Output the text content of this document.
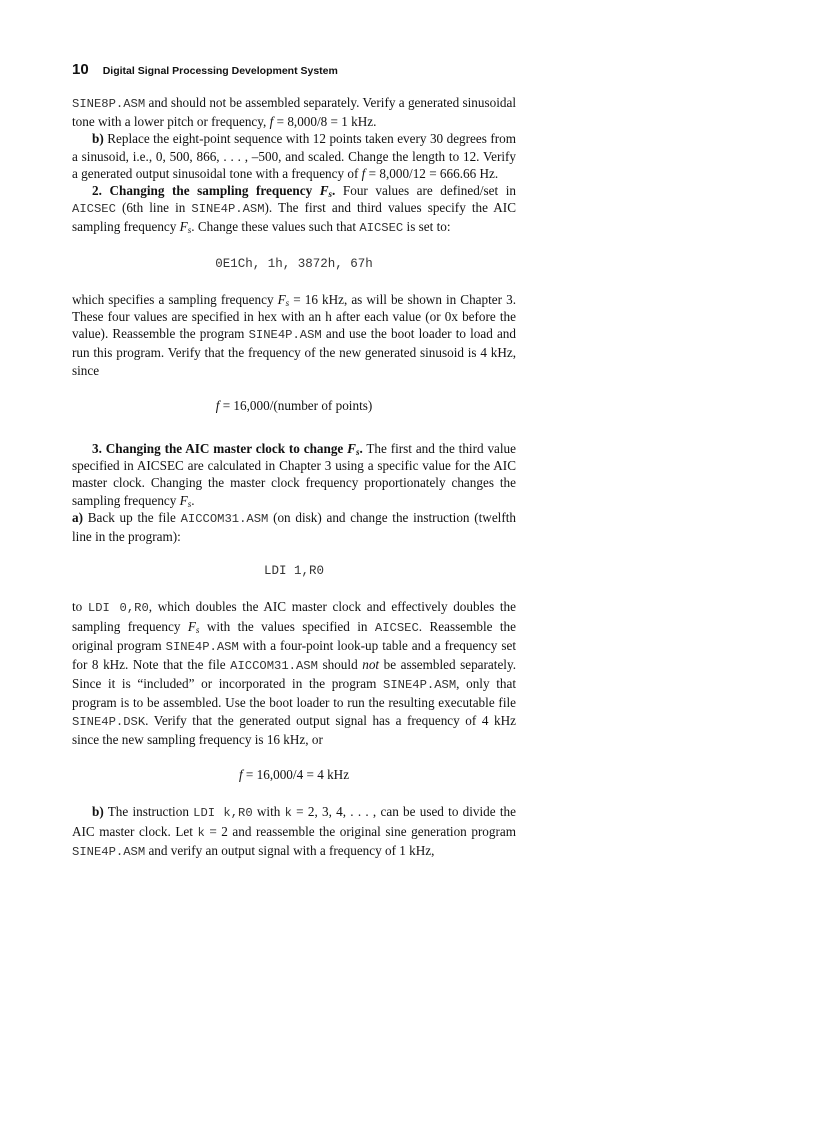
10 Digital Signal Processing Development System

SINE8P.ASM and should not be assembled separately. Verify a generated sinusoidal tone with a lower pitch or frequency, f = 8,000/8 = 1 kHz.

b) Replace the eight-point sequence with 12 points taken every 30 degrees from a sinusoid, i.e., 0, 500, 866, . . . , –500, and scaled. Change the length to 12. Verify a generated output sinusoidal tone with a frequency of f = 8,000/12 = 666.66 Hz.

2. Changing the sampling frequency $F_s$. Four values are defined/set in AICSEC (6th line in SINE4P.ASM). The first and third values specify the AIC sampling frequency $F_s$. Change these values such that AICSEC is set to:

0E1Ch, 1h, 3872h, 67h

which specifies a sampling frequency $F_s = 16$ kHz, as will be shown in Chapter 3. These four values are specified in hex with an h after each value (or 0x before the value). Reassemble the program SINE4P.ASM and use the boot loader to load and run this program. Verify that the frequency of the new generated sinusoid is 4 kHz, since

f = 16,000/(number of points)

3. Changing the AIC master clock to change $F_s$. The first and the third value specified in AICSEC are calculated in Chapter 3 using a specific value for the AIC master clock. Changing the master clock frequency proportionately changes the sampling frequency $F_s$.

a) Back up the file AICCOM31.ASM (on disk) and change the instruction (twelfth line in the program):

LDI 1,R0

to LDI 0,R0, which doubles the AIC master clock and effectively doubles the sampling frequency $F_s$ with the values specified in AICSEC. Reassemble the original program SINE4P.ASM with a four-point look-up table and a frequency set for 8 kHz. Note that the file AICCOM31.ASM should not be assembled separately. Since it is “included” or incorporated in the program SINE4P.ASM, only that program is to be assembled. Use the boot loader to run the resulting executable file SINE4P.DSK. Verify that the generated output signal has a frequency of 4 kHz since the new sampling frequency is 16 kHz, or

f = 16,000/4 = 4 kHz

b) The instruction LDI k,R0 with k = 2, 3, 4, . . . , can be used to divide the AIC master clock. Let k = 2 and reassemble the original sine generation program SINE4P.ASM and verify an output signal with a frequency of 1 kHz,
